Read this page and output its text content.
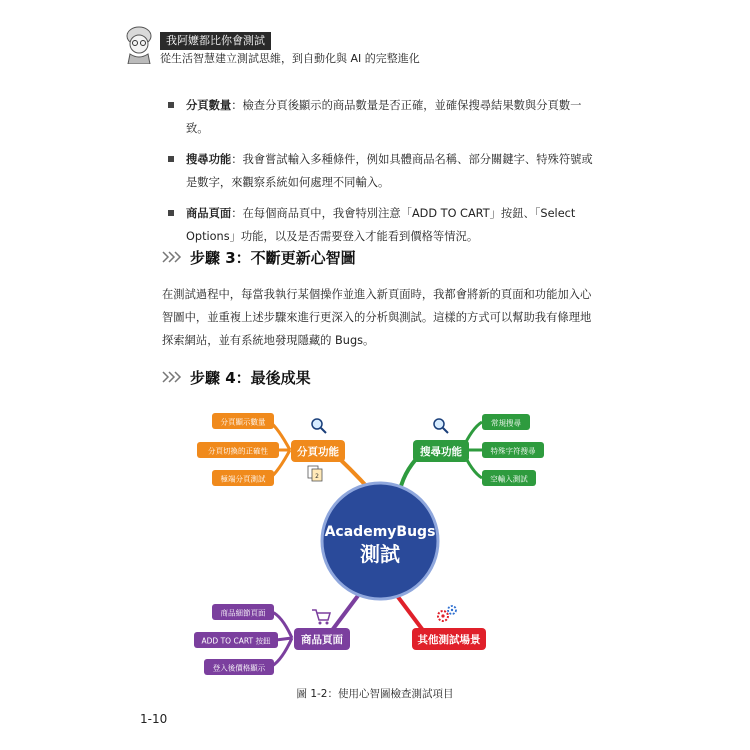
我阿嬤都比你會測試
從生活智慧建立測試思維，到自動化與 AI 的完整進化
分頁數量：檢查分頁後顯示的商品數量是否正確，並確保搜尋結果數與分頁數一致。
搜尋功能：我會嘗試輸入多種條件，例如具體商品名稱、部分關鍵字、特殊符號或是數字，來觀察系統如何處理不同輸入。
商品頁面：在每個商品頁中，我會特別注意「ADD TO CART」按鈕、「Select Options」功能，以及是否需要登入才能看到價格等情況。
步驟 3：不斷更新心智圖
在測試過程中，每當我執行某個操作並進入新頁面時，我都會將新的頁面和功能加入心智圖中，並重複上述步驟來進行更深入的分析與測試。這樣的方式可以幫助我有條理地探索網站，並有系統地發現隱藏的 Bugs。
步驟 4：最後成果
AcademyBugs
測試
分頁功能
分頁顯示數量
分頁切換的正確性
極端分頁測試	2
搜尋功能
常規搜尋
特殊字符搜尋
空輸入測試
商品頁面
商品細節頁面
ADD TO CART 按鈕
登入後價格顯示
其他測試場景
圖 1-2：使用心智圖檢查測試項目
1-10
